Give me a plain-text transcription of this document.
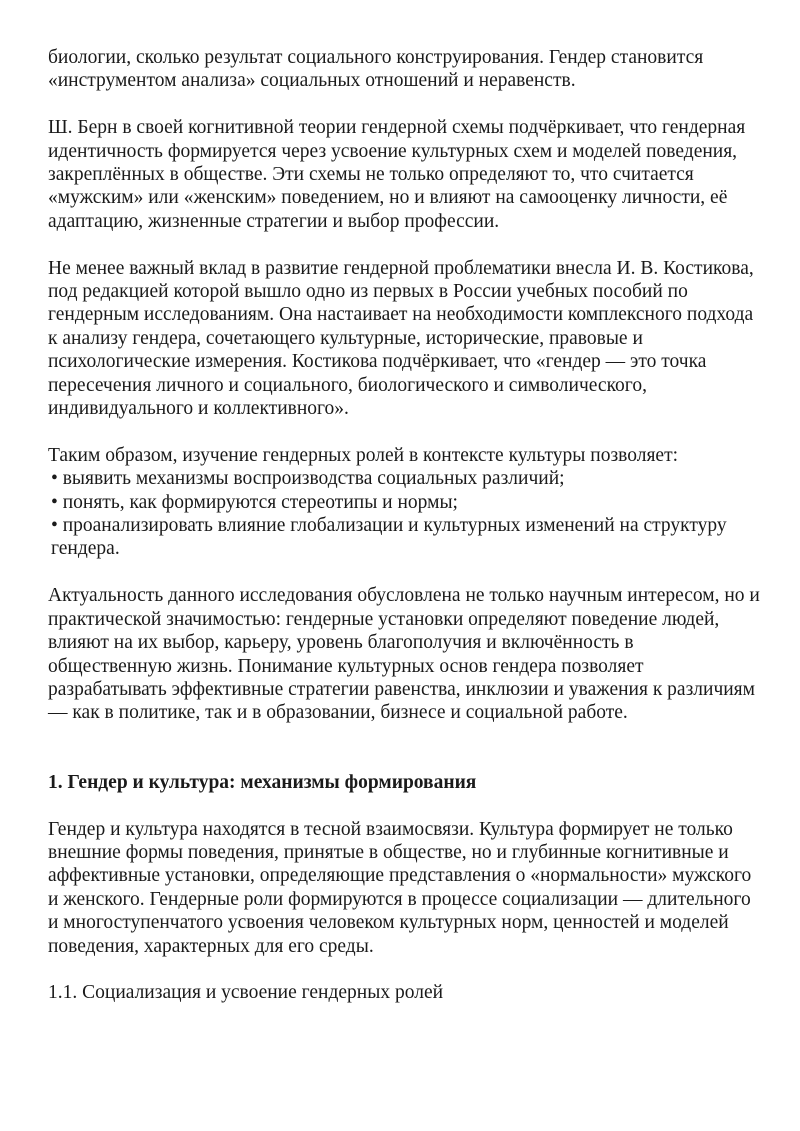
биологии, сколько результат социального конструирования. Гендер становится «инструментом анализа» социальных отношений и неравенств.

Ш. Берн в своей когнитивной теории гендерной схемы подчёркивает, что гендерная идентичность формируется через усвоение культурных схем и моделей поведения, закреплённых в обществе. Эти схемы не только определяют то, что считается «мужским» или «женским» поведением, но и влияют на самооценку личности, её адаптацию, жизненные стратегии и выбор профессии.

Не менее важный вклад в развитие гендерной проблематики внесла И. В. Костикова, под редакцией которой вышло одно из первых в России учебных пособий по гендерным исследованиям. Она настаивает на необходимости комплексного подхода к анализу гендера, сочетающего культурные, исторические, правовые и психологические измерения. Костикова подчёркивает, что «гендер — это точка пересечения личного и социального, биологического и символического, индивидуального и коллективного».

Таким образом, изучение гендерных ролей в контексте культуры позволяет:

• выявить механизмы воспроизводства социальных различий;

• понять, как формируются стереотипы и нормы;

• проанализировать влияние глобализации и культурных изменений на структуру гендера.

Актуальность данного исследования обусловлена не только научным интересом, но и практической значимостью: гендерные установки определяют поведение людей, влияют на их выбор, карьеру, уровень благополучия и включённость в общественную жизнь. Понимание культурных основ гендера позволяет разрабатывать эффективные стратегии равенства, инклюзии и уважения к различиям — как в политике, так и в образовании, бизнесе и социальной работе.

1. Гендер и культура: механизмы формирования

Гендер и культура находятся в тесной взаимосвязи. Культура формирует не только внешние формы поведения, принятые в обществе, но и глубинные когнитивные и аффективные установки, определяющие представления о «нормальности» мужского и женского. Гендерные роли формируются в процессе социализации — длительного и многоступенчатого усвоения человеком культурных норм, ценностей и моделей поведения, характерных для его среды.

1.1. Социализация и усвоение гендерных ролей
